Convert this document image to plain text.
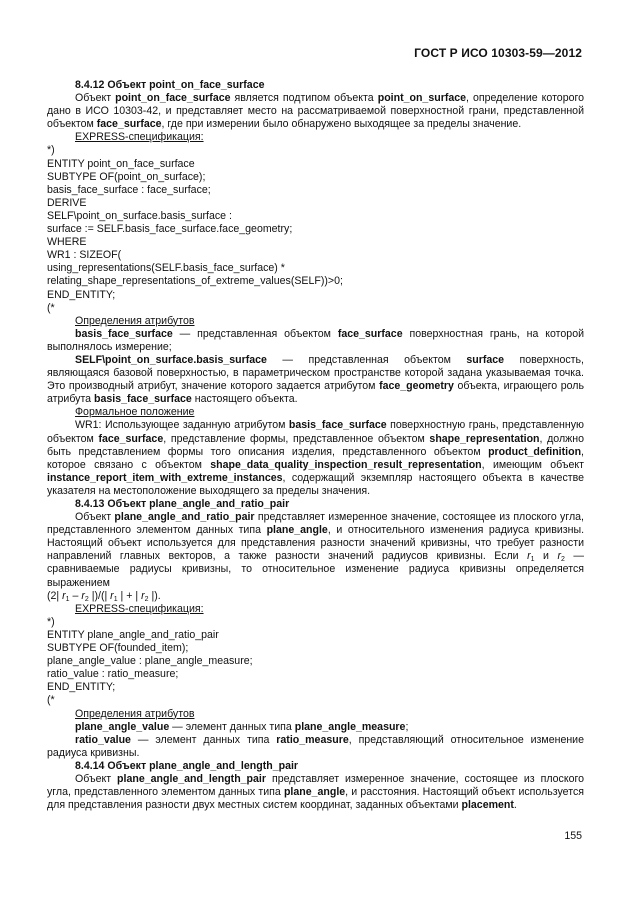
ГОСТ Р ИСО 10303-59—2012
8.4.12 Объект point_on_face_surface

Объект point_on_face_surface является подтипом объекта point_on_surface, определение которого дано в ИСО 10303-42, и представляет место на рассматриваемой поверхностной грани, представленной объектом face_surface, где при измерении было обнаружено выходящее за пределы значение.

EXPRESS-спецификация:
*)
ENTITY point_on_face_surface
SUBTYPE OF(point_on_surface);
basis_face_surface : face_surface;
DERIVE
SELF\point_on_surface.basis_surface :
surface := SELF.basis_face_surface.face_geometry;
WHERE
WR1 : SIZEOF(
using_representations(SELF.basis_face_surface) *
relating_shape_representations_of_extreme_values(SELF))>0;
END_ENTITY;
(*
Определения атрибутов

basis_face_surface — представленная объектом face_surface поверхностная грань, на которой выполнялось измерение;

SELF\point_on_surface.basis_surface — представленная объектом surface поверхность, являющаяся базовой поверхностью, в параметрическом пространстве которой задана указываемая точка. Это производный атрибут, значение которого задается атрибутом face_geometry объекта, играющего роль атрибута basis_face_surface настоящего объекта.

Формальное положение

WR1: Использующее заданную атрибутом basis_face_surface поверхностную грань, представленную объектом face_surface, представление формы, представленное объектом shape_representation, должно быть представлением формы того описания изделия, представленного объектом product_definition, которое связано с объектом shape_data_quality_inspection_result_representation, имеющим объект instance_report_item_with_extreme_instances, содержащий экземпляр настоящего объекта в качестве указателя на местоположение выходящего за пределы значения.

8.4.13 Объект plane_angle_and_ratio_pair

Объект plane_angle_and_ratio_pair представляет измеренное значение, состоящее из плоского угла, представленного элементом данных типа plane_angle, и относительного изменения радиуса кривизны. Настоящий объект используется для представления разности значений кривизны, что требует разности направлений главных векторов, а также разности значений радиусов кривизны. Если $r_1$ и $r_2$ — сравниваемые радиусы кривизны, то относительное изменение радиуса кривизны определяется выражением
(2| $r_1 - r_2$ |)/(| $r_1$ | + | $r_2$ |).

EXPRESS-спецификация:
*)
ENTITY plane_angle_and_ratio_pair
SUBTYPE OF(founded_item);
plane_angle_value : plane_angle_measure;
ratio_value : ratio_measure;
END_ENTITY;
(*
Определения атрибутов

plane_angle_value — элемент данных типа plane_angle_measure;

ratio_value — элемент данных типа ratio_measure, представляющий относительное изменение радиуса кривизны.

8.4.14 Объект plane_angle_and_length_pair

Объект plane_angle_and_length_pair представляет измеренное значение, состоящее из плоского угла, представленного элементом данных типа plane_angle, и расстояния. Настоящий объект используется для представления разности двух местных систем координат, заданных объектами placement.

155
